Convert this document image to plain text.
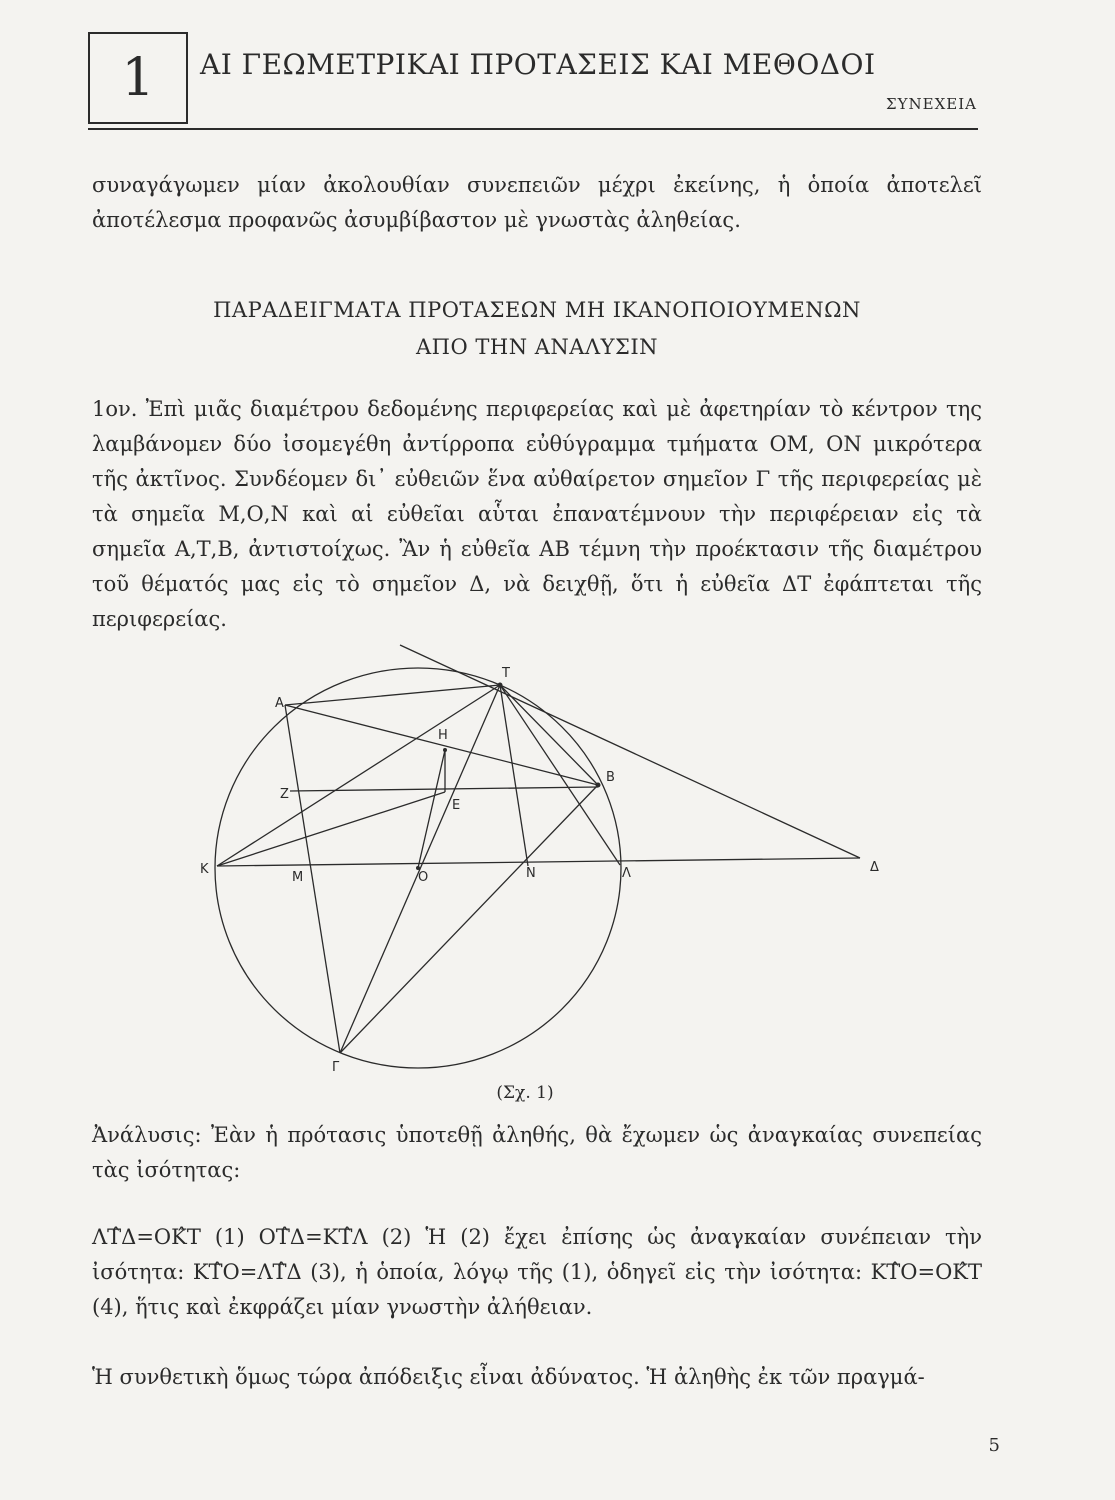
1	ΑΙ ΓΕΩΜΕΤΡΙΚΑΙ ΠΡΟΤΑΣΕΙΣ ΚΑΙ ΜΕΘΟΔΟΙ
ΣΥΝΕΧΕΙΑ
συναγάγωμεν μίαν ἀκολουθίαν συνεπειῶν μέχρι ἐκείνης, ἡ ὁποία ἀποτελεῖ ἀποτέλεσμα προφανῶς ἀσυμβίβαστον μὲ γνωστὰς ἀληθείας.
ΠΑΡΑΔΕΙΓΜΑΤΑ ΠΡΟΤΑΣΕΩΝ ΜΗ ΙΚΑΝΟΠΟΙΟΥΜΕΝΩΝ
ΑΠΟ ΤΗΝ ΑΝΑΛΥΣΙΝ
1ον. Ἐπὶ μιᾶς διαμέτρου δεδομένης περιφερείας καὶ μὲ ἀφετηρίαν τὸ κέντρον της λαμβάνομεν δύο ἰσομεγέθη ἀντίρροπα εὐθύγραμμα τμήματα ΟΜ, ΟΝ μικρότερα τῆς ἀκτῖνος. Συνδέομεν δι᾽ εὐθειῶν ἕνα αὐθαίρετον σημεῖον Γ τῆς περιφερείας μὲ τὰ σημεῖα Μ,Ο,Ν καὶ αἱ εὐθεῖαι αὗται ἐπανατέμνουν τὴν περιφέρειαν εἰς τὰ σημεῖα Α,Τ,Β, ἀντιστοίχως. Ἂν ἡ εὐθεῖα ΑΒ τέμνη τὴν προέκτασιν τῆς διαμέτρου τοῦ θέματός μας εἰς τὸ σημεῖον Δ, νὰ δειχθῇ, ὅτι ἡ εὐθεῖα ΔΤ ἐφάπτεται τῆς περιφερείας.
Α
Τ
Η
Β
Ζ
Ε
Κ
Μ	Ο	Ν	Λ	Δ
Γ
(Σχ. 1)
Ἀνάλυσις: Ἐὰν ἡ πρότασις ὑποτεθῇ ἀληθής, θὰ ἔχωμεν ὡς ἀναγκαίας συνεπείας τὰς ἰσότητας:
ΛΤ̂Δ=ΟΚ̂Τ (1) ΟΤ̂Δ=ΚΤ̂Λ (2) Ἡ (2) ἔχει ἐπίσης ὡς ἀναγκαίαν συνέπειαν τὴν ἰσότητα: ΚΤ̂Ο=ΛΤ̂Δ (3), ἡ ὁποία, λόγῳ τῆς (1), ὁδηγεῖ εἰς τὴν ἰσότητα: ΚΤ̂Ο=ΟΚ̂Τ (4), ἥτις καὶ ἐκφράζει μίαν γνωστὴν ἀλήθειαν.
Ἡ συνθετικὴ ὅμως τώρα ἀπόδειξις εἶναι ἀδύνατος. Ἡ ἀληθὴς ἐκ τῶν πραγμά-
5
